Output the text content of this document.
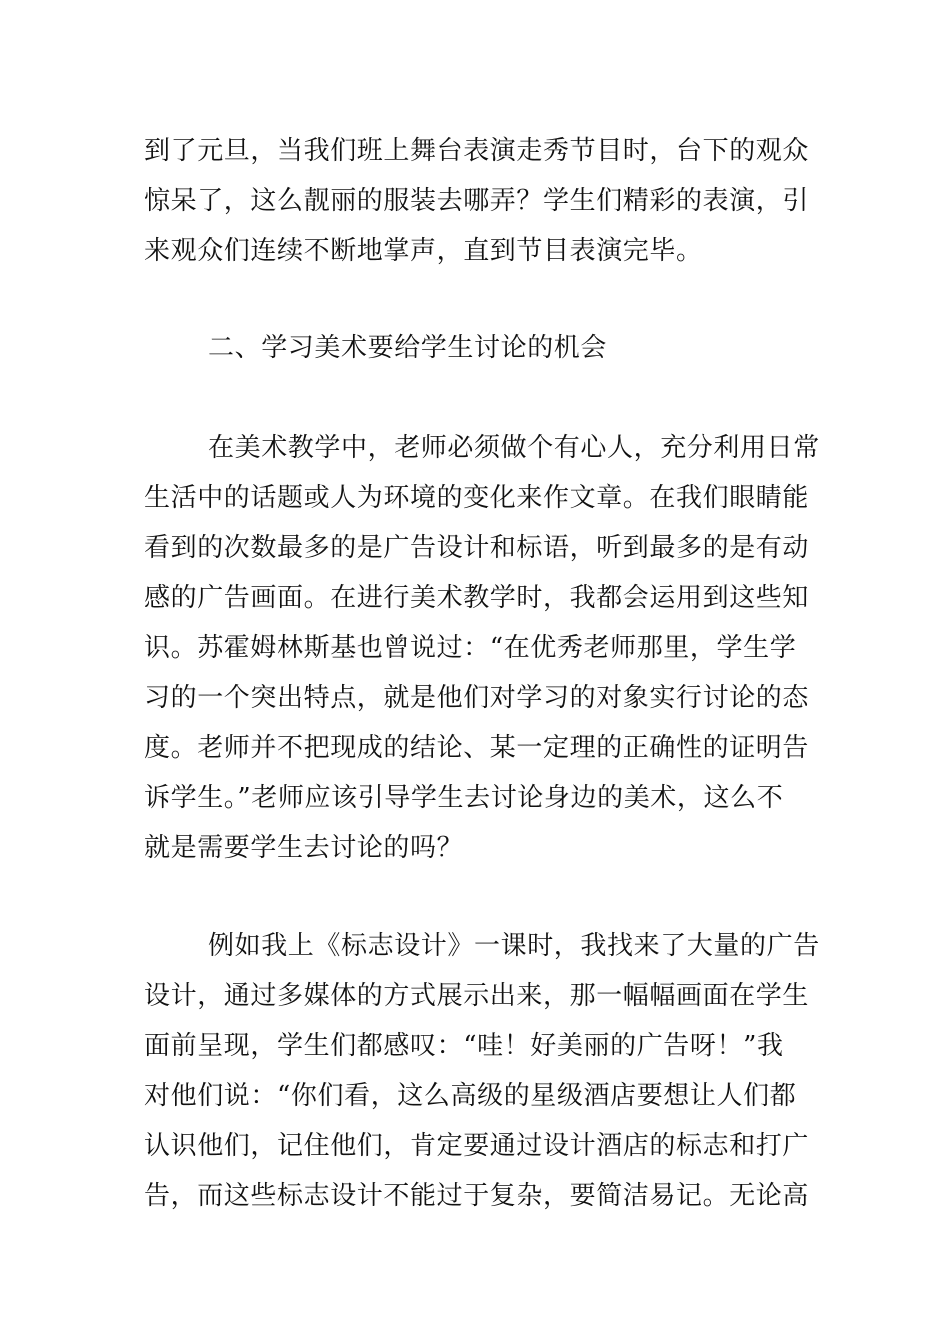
到了元旦，当我们班上舞台表演走秀节目时，台下的观众
惊呆了，这么靓丽的服装去哪弄？学生们精彩的表演，引
来观众们连续不断地掌声，直到节目表演完毕。
二、学习美术要给学生讨论的机会
在美术教学中，老师必须做个有心人，充分利用日常
生活中的话题或人为环境的变化来作文章。在我们眼睛能
看到的次数最多的是广告设计和标语，听到最多的是有动
感的广告画面。在进行美术教学时，我都会运用到这些知
识。苏霍姆林斯基也曾说过：“在优秀老师那里，学生学
习的一个突出特点，就是他们对学习的对象实行讨论的态
度。老师并不把现成的结论、某一定理的正确性的证明告
诉学生。”老师应该引导学生去讨论身边的美术，这么不
就是需要学生去讨论的吗？
例如我上《标志设计》一课时，我找来了大量的广告
设计，通过多媒体的方式展示出来，那一幅幅画面在学生
面前呈现，学生们都感叹：“哇！好美丽的广告呀！”我
对他们说：“你们看，这么高级的星级酒店要想让人们都
认识他们，记住他们，肯定要通过设计酒店的标志和打广
告，而这些标志设计不能过于复杂，要简洁易记。无论高
